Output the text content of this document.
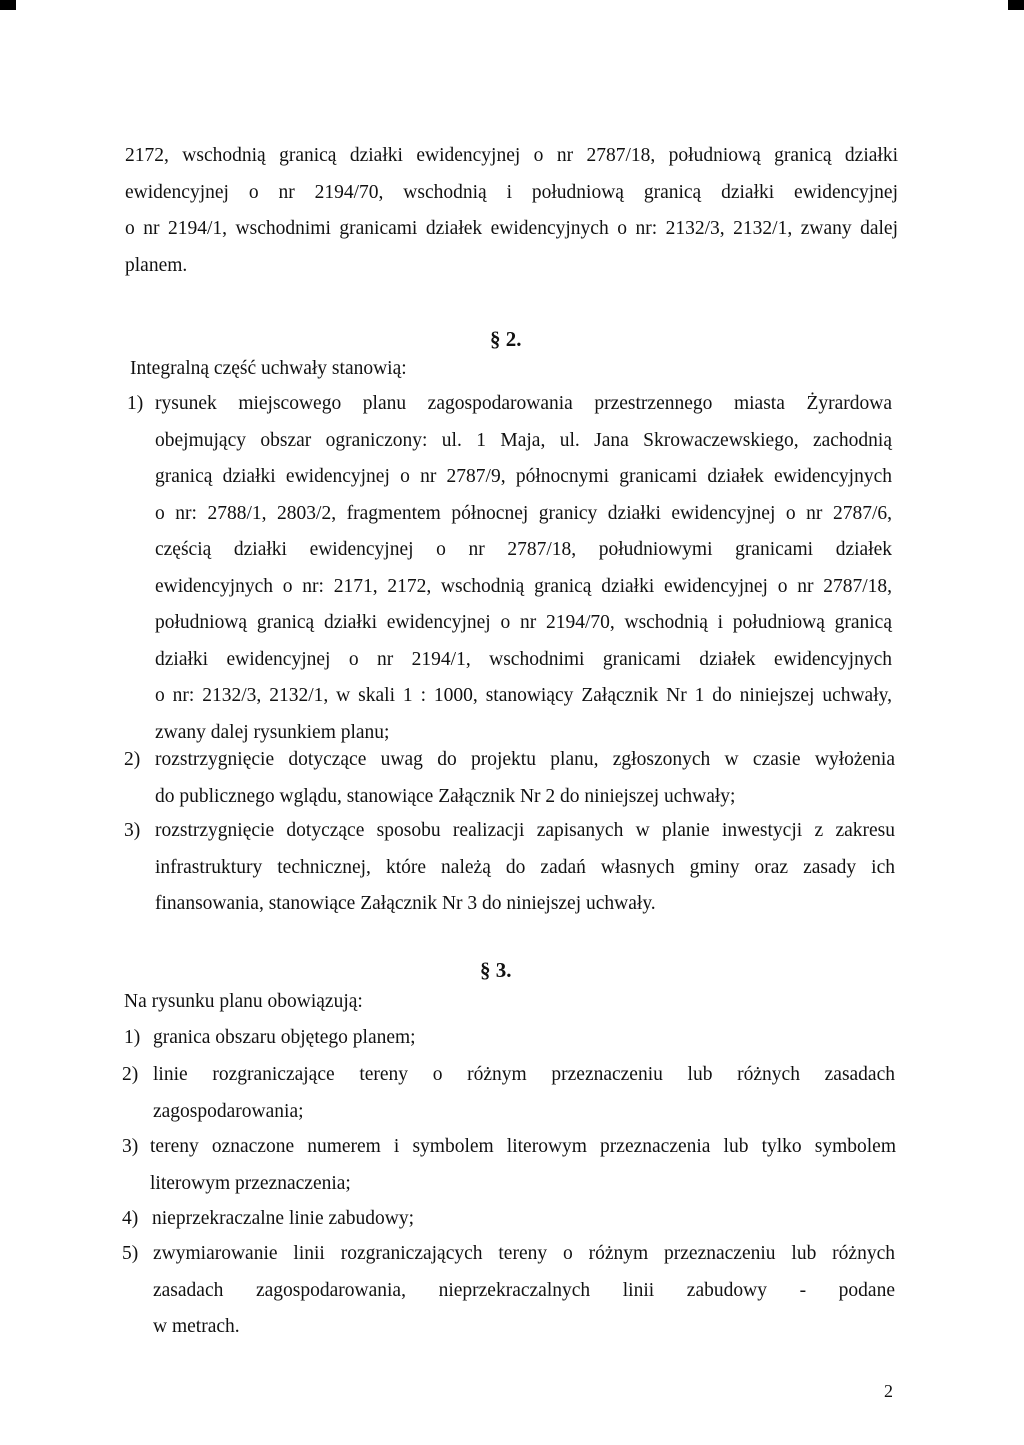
2172, wschodnią granicą działki ewidencyjnej o nr 2787/18, południową granicą działki
ewidencyjnej o nr 2194/70, wschodnią i południową granicą działki ewidencyjnej
o nr 2194/1, wschodnimi granicami działek ewidencyjnych o nr: 2132/3, 2132/1, zwany dalej
planem.
§ 2.
Integralną część uchwały stanowią:
1) rysunek miejscowego planu zagospodarowania przestrzennego miasta Żyrardowa
obejmujący obszar ograniczony: ul. 1 Maja, ul. Jana Skrowaczewskiego, zachodnią
granicą działki ewidencyjnej o nr 2787/9, północnymi granicami działek ewidencyjnych
o nr: 2788/1, 2803/2, fragmentem północnej granicy działki ewidencyjnej o nr 2787/6,
częścią działki ewidencyjnej o nr 2787/18, południowymi granicami działek
ewidencyjnych o nr: 2171, 2172, wschodnią granicą działki ewidencyjnej o nr 2787/18,
południową granicą działki ewidencyjnej o nr 2194/70, wschodnią i południową granicą
działki ewidencyjnej o nr 2194/1, wschodnimi granicami działek ewidencyjnych
o nr: 2132/3, 2132/1, w skali 1 : 1000, stanowiący Załącznik Nr 1 do niniejszej uchwały,
zwany dalej rysunkiem planu;
2) rozstrzygnięcie dotyczące uwag do projektu planu, zgłoszonych w czasie wyłożenia
do publicznego wglądu, stanowiące Załącznik Nr 2 do niniejszej uchwały;
3) rozstrzygnięcie dotyczące sposobu realizacji zapisanych w planie inwestycji z zakresu
infrastruktury technicznej, które należą do zadań własnych gminy oraz zasady ich
finansowania, stanowiące Załącznik Nr 3 do niniejszej uchwały.
§ 3.
Na rysunku planu obowiązują:
1) granica obszaru objętego planem;
2) linie rozgraniczające tereny o różnym przeznaczeniu lub różnych zasadach
zagospodarowania;
3) tereny oznaczone numerem i symbolem literowym przeznaczenia lub tylko symbolem
literowym przeznaczenia;
4) nieprzekraczalne linie zabudowy;
5) zwymiarowanie linii rozgraniczających tereny o różnym przeznaczeniu lub różnych
zasadach zagospodarowania, nieprzekraczalnych linii zabudowy - podane
w metrach.
2
